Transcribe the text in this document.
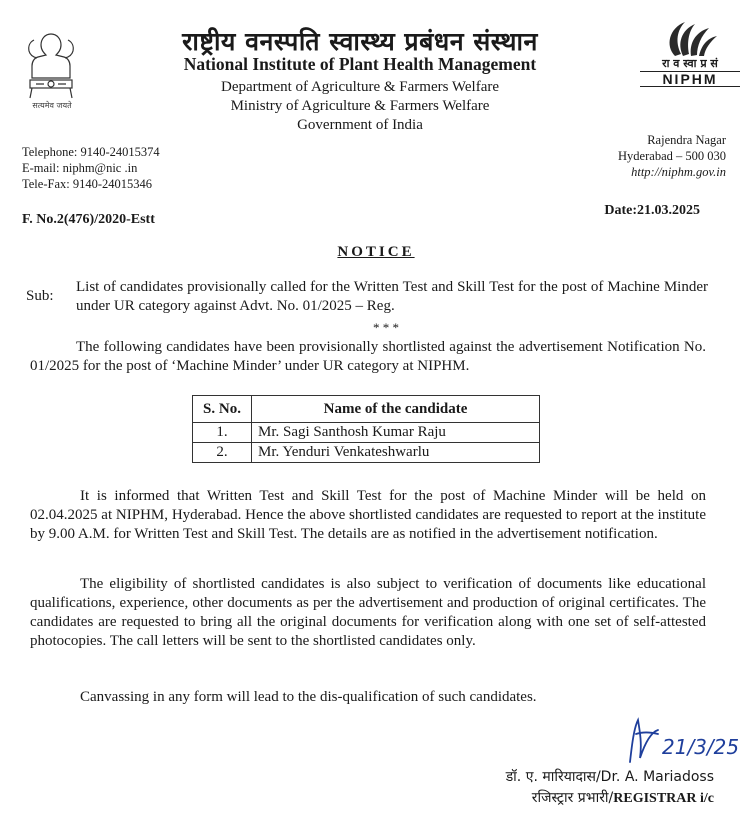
सत्यमेव जयते
राष्ट्रीय वनस्पति स्वास्थ्य प्रबंधन संस्थान
National Institute of Plant Health Management
Department of Agriculture & Farmers Welfare
Ministry of Agriculture & Farmers Welfare
Government of India
रा व स्वा प्र सं
NIPHM
Telephone: 9140-24015374
E-mail: niphm@nic .in
Tele-Fax: 9140-24015346
Rajendra Nagar
Hyderabad – 500 030
http://niphm.gov.in
F. No.2(476)/2020-Estt
Date:21.03.2025
NOTICE
Sub:
List of candidates provisionally called for the Written Test and Skill Test for the post of Machine Minder under UR category against Advt. No. 01/2025 – Reg.
* * *
The following candidates have been provisionally shortlisted against the advertisement Notification No. 01/2025 for the post of ‘Machine Minder’ under UR category at NIPHM.
S. No.	Name of the candidate
1.	Mr. Sagi Santhosh Kumar Raju
2.	Mr. Yenduri Venkateshwarlu
It is informed that Written Test and Skill Test for the post of Machine Minder will be held on 02.04.2025 at NIPHM, Hyderabad. Hence the above shortlisted candidates are requested to report at the institute by 9.00 A.M. for Written Test and Skill Test. The details are as notified in the advertisement notification.
The eligibility of shortlisted candidates is also subject to verification of documents like educational qualifications, experience, other documents as per the advertisement and production of original certificates. The candidates are requested to bring all the original documents for verification along with one set of self-attested photocopies. The call letters will be sent to the shortlisted candidates only.
Canvassing in any form will lead to the dis-qualification of such candidates.
21/3/25
डॉ. ए. मारियादास/Dr. A. Mariadoss
रजिस्ट्रार प्रभारी/REGISTRAR i/c
